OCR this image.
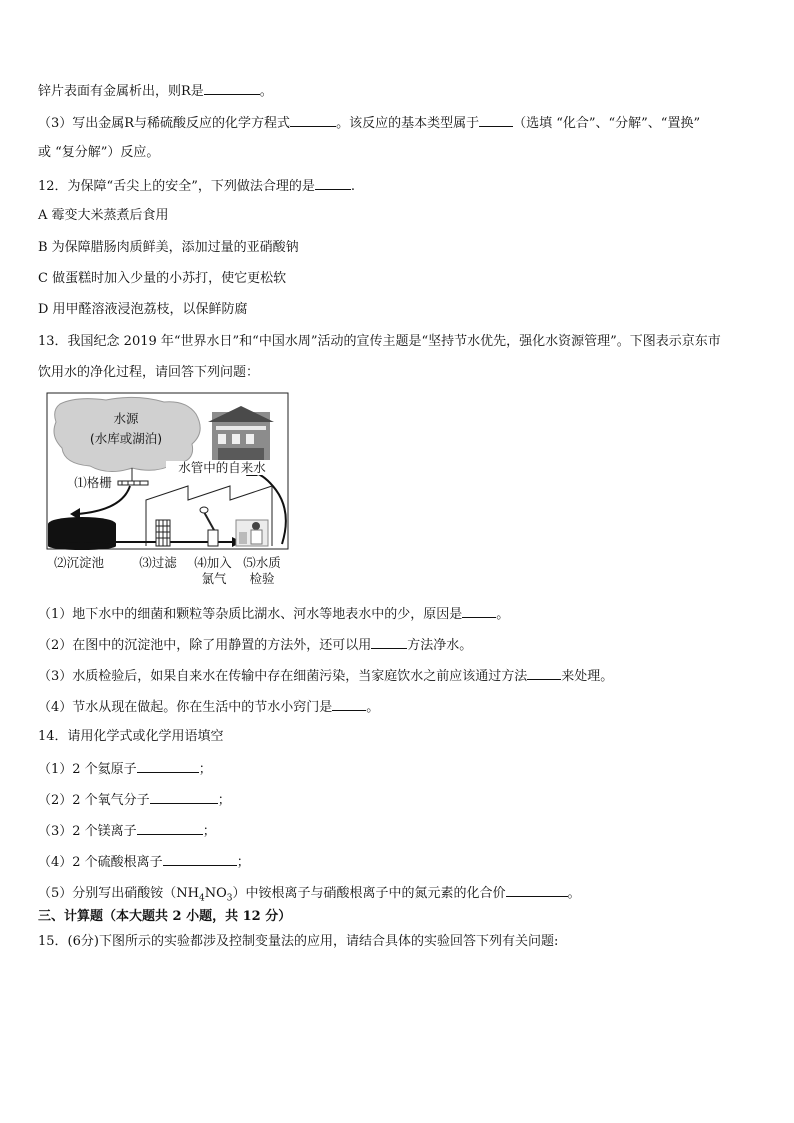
锌片表面有金属析出，则R是	。
（3）写出金属R与稀硫酸反应的化学方程式	。该反应的基本类型属于	（选填 “化合”、“分解”、“置换”
或 “复分解”）反应。
12．为保障“舌尖上的安全”，下列做法合理的是	.
A 霉变大米蒸煮后食用
B 为保障腊肠肉质鲜美，添加过量的亚硝酸钠
C 做蛋糕时加入少量的小苏打，使它更松软
D 用甲醛溶液浸泡荔枝，以保鲜防腐
13．我国纪念 2019 年“世界水日”和“中国水周”活动的宣传主题是“坚持节水优先，强化水资源管理”。下图表示京东市
饮用水的净化过程，请回答下列问题：
水源
(水库或湖泊)
水管中的自来水
⑴格栅
⑵沉淀池	⑶过滤	⑷加入
氯气
⑸水质
检验
（1）地下水中的细菌和颗粒等杂质比湖水、河水等地表水中的少，原因是	。
（2）在图中的沉淀池中，除了用静置的方法外，还可以用	方法净水。
（3）水质检验后，如果自来水在传输中存在细菌污染，当家庭饮水之前应该通过方法	来处理。
（4）节水从现在做起。你在生活中的节水小窍门是	。
14．请用化学式或化学用语填空
（1）2 个氦原子	；
（2）2 个氧气分子	；
（3）2 个镁离子	；
（4）2 个硫酸根离子	；
（5）分别写出硝酸铵$(NH_4NO_3)$中铵根离子与硝酸根离子中的氮元素的化合价	。
三、计算题（本大题共 2 小题，共 12 分）
15．(6分)下图所示的实验都涉及控制变量法的应用，请结合具体的实验回答下列有关问题:
